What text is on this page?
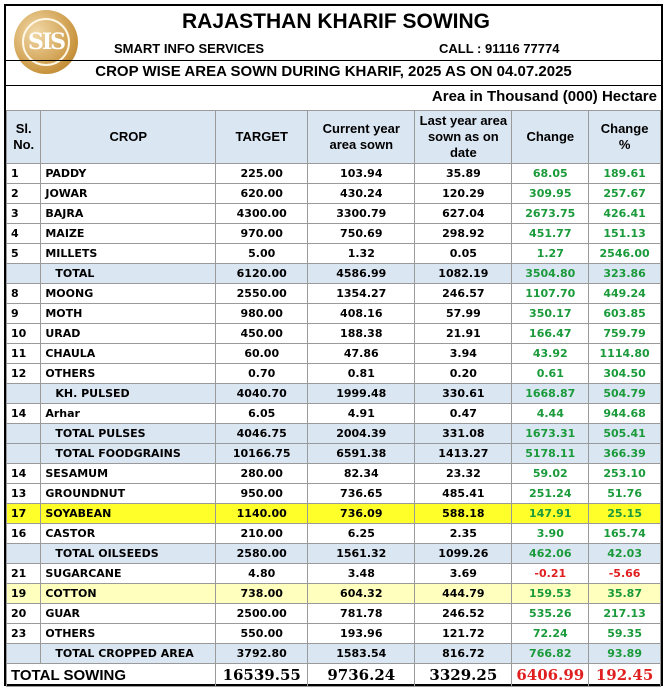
SIS
RAJASTHAN KHARIF SOWING
SMART INFO SERVICES	CALL : 91116 77774
CROP WISE AREA SOWN DURING KHARIF, 2025 AS ON 04.07.2025
Area in Thousand (000) Hectare
Sl. No.	CROP	TARGET	Current year area sown	Last year area sown as on date	Change	Change %
1	PADDY	225.00	103.94	35.89	68.05	189.61
2	JOWAR	620.00	430.24	120.29	309.95	257.67
3	BAJRA	4300.00	3300.79	627.04	2673.75	426.41
4	MAIZE	970.00	750.69	298.92	451.77	151.13
5	MILLETS	5.00	1.32	0.05	1.27	2546.00
	TOTAL	6120.00	4586.99	1082.19	3504.80	323.86
8	MOONG	2550.00	1354.27	246.57	1107.70	449.24
9	MOTH	980.00	408.16	57.99	350.17	603.85
10	URAD	450.00	188.38	21.91	166.47	759.79
11	CHAULA	60.00	47.86	3.94	43.92	1114.80
12	OTHERS	0.70	0.81	0.20	0.61	304.50
	KH. PULSED	4040.70	1999.48	330.61	1668.87	504.79
14	Arhar	6.05	4.91	0.47	4.44	944.68
	TOTAL PULSES	4046.75	2004.39	331.08	1673.31	505.41
	TOTAL FOODGRAINS	10166.75	6591.38	1413.27	5178.11	366.39
14	SESAMUM	280.00	82.34	23.32	59.02	253.10
13	GROUNDNUT	950.00	736.65	485.41	251.24	51.76
17	SOYABEAN	1140.00	736.09	588.18	147.91	25.15
16	CASTOR	210.00	6.25	2.35	3.90	165.74
	TOTAL OILSEEDS	2580.00	1561.32	1099.26	462.06	42.03
21	SUGARCANE	4.80	3.48	3.69	-0.21	-5.66
19	COTTON	738.00	604.32	444.79	159.53	35.87
20	GUAR	2500.00	781.78	246.52	535.26	217.13
23	OTHERS	550.00	193.96	121.72	72.24	59.35
	TOTAL CROPPED AREA	3792.80	1583.54	816.72	766.82	93.89
TOTAL SOWING		16539.55	9736.24	3329.25	6406.99	192.45
